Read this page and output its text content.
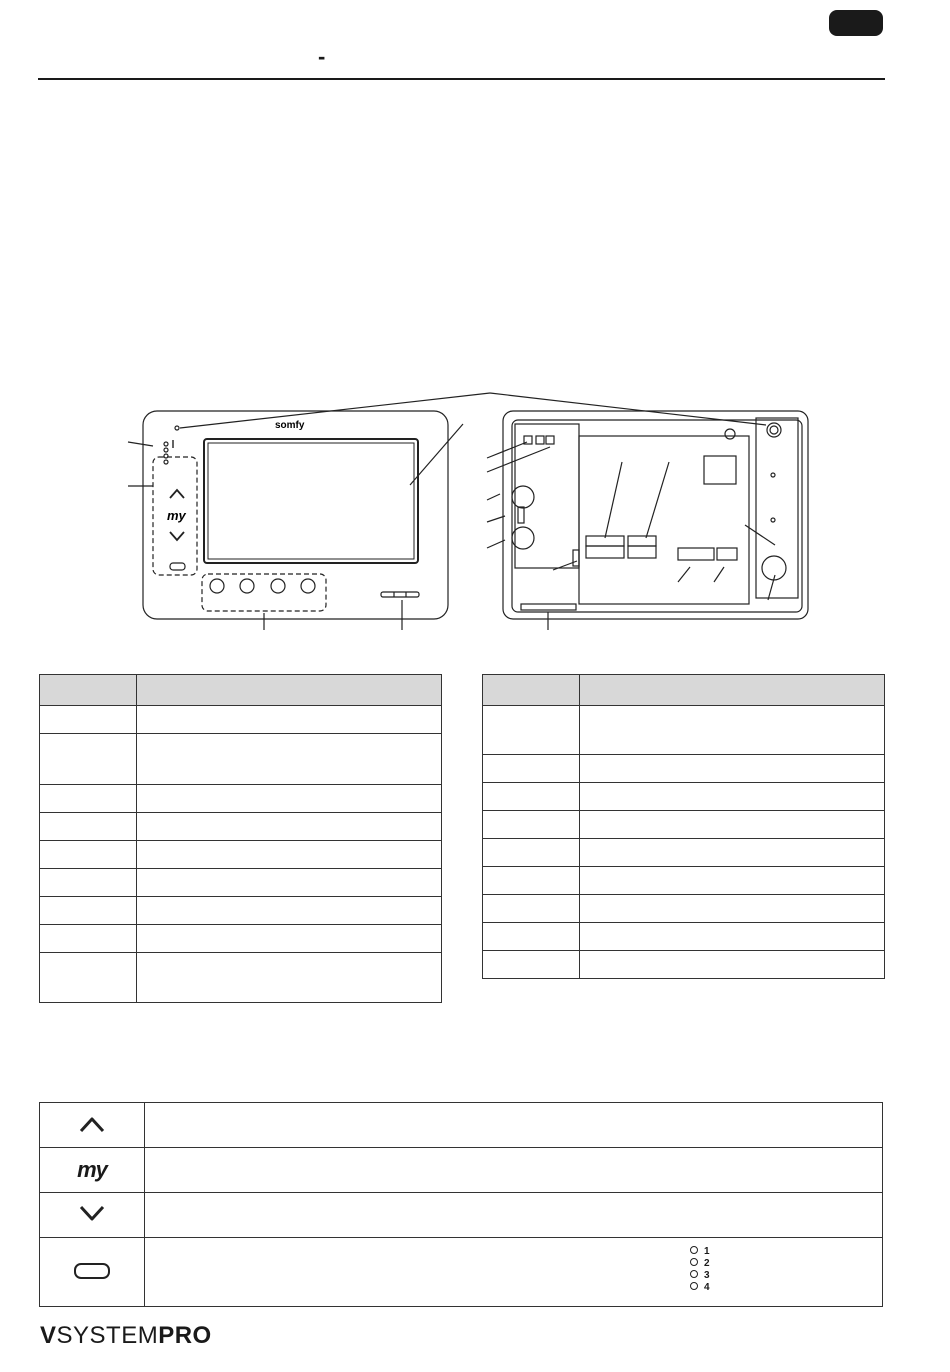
-
somfy
my

my	

1
2
3
4
VSYSTEMPRO
